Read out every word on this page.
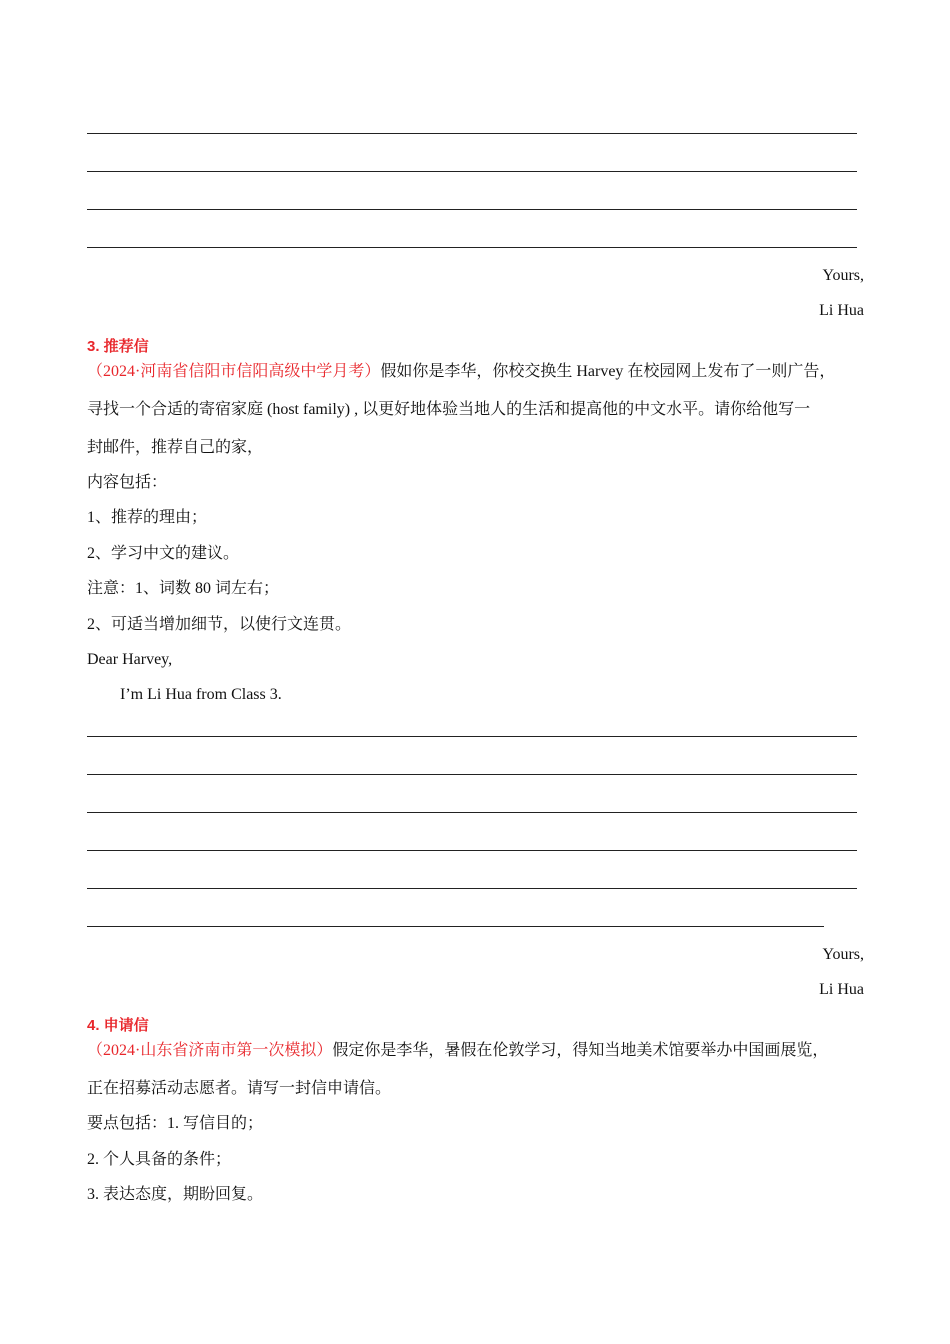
Yours,
Li Hua
3. 推荐信
（2024·河南省信阳市信阳高级中学月考）假如你是李华，你校交换生 Harvey 在校园网上发布了一则广告，
寻找一个合适的寄宿家庭 (host family) , 以更好地体验当地人的生活和提高他的中文水平。请你给他写一
封邮件，推荐自己的家，
内容包括：
1、推荐的理由；
2、学习中文的建议。
注意：1、词数 80 词左右；
2、可适当增加细节，以使行文连贯。
Dear Harvey,
I’m Li Hua from Class 3.
Yours,
Li Hua
4. 申请信
（2024·山东省济南市第一次模拟）假定你是李华，暑假在伦敦学习，得知当地美术馆要举办中国画展览，
正在招募活动志愿者。请写一封信申请信。
要点包括：1. 写信目的；
2. 个人具备的条件；
3. 表达态度，期盼回复。
